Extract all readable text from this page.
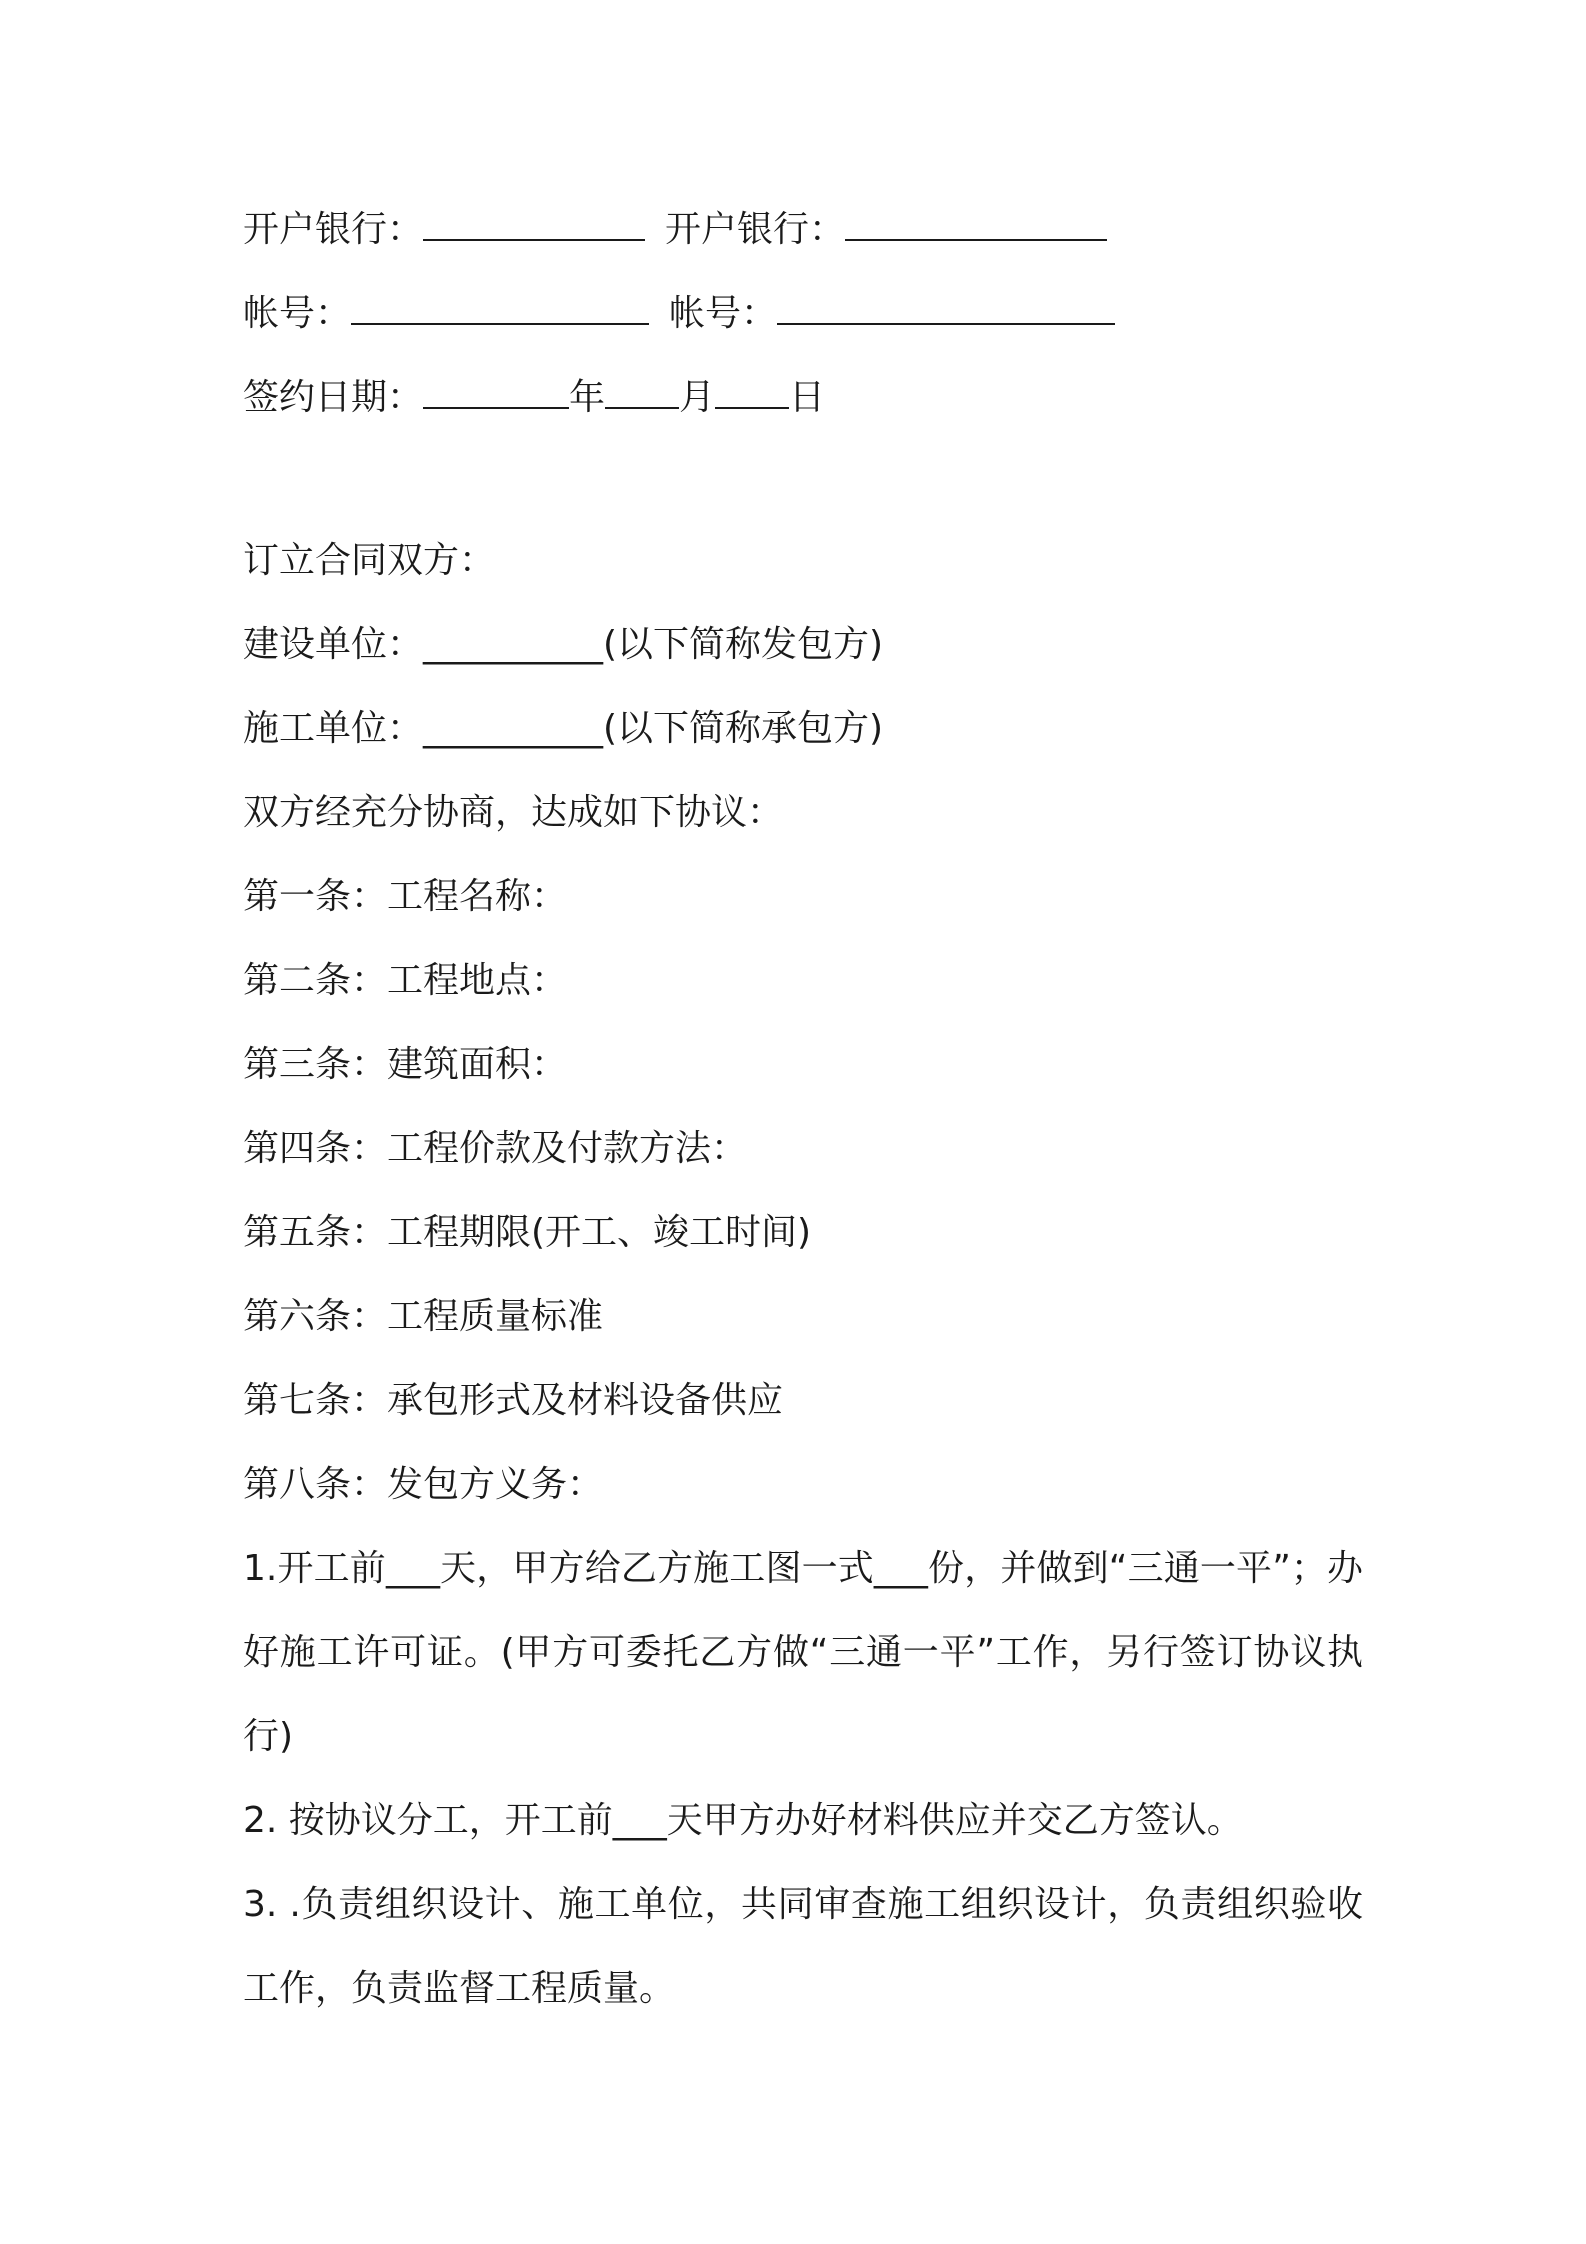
开户银行：	开户银行：
帐号：	帐号：
签约日期：	年 月 日
订立合同双方：
建设单位：__________(以下简称发包方)
施工单位：__________(以下简称承包方)
双方经充分协商，达成如下协议：
第一条：工程名称：
第二条：工程地点：
第三条：建筑面积：
第四条：工程价款及付款方法：
第五条：工程期限(开工、竣工时间)
第六条：工程质量标准
第七条：承包形式及材料设备供应
第八条：发包方义务：
1.开工前___天，甲方给乙方施工图一式___份，并做到“三通一平”；办好施工许可证。(甲方可委托乙方做“三通一平”工作，另行签订协议执行)
2. 按协议分工，开工前___天甲方办好材料供应并交乙方签认。
3. .负责组织设计、施工单位，共同审查施工组织设计，负责组织验收工作，负责监督工程质量。
